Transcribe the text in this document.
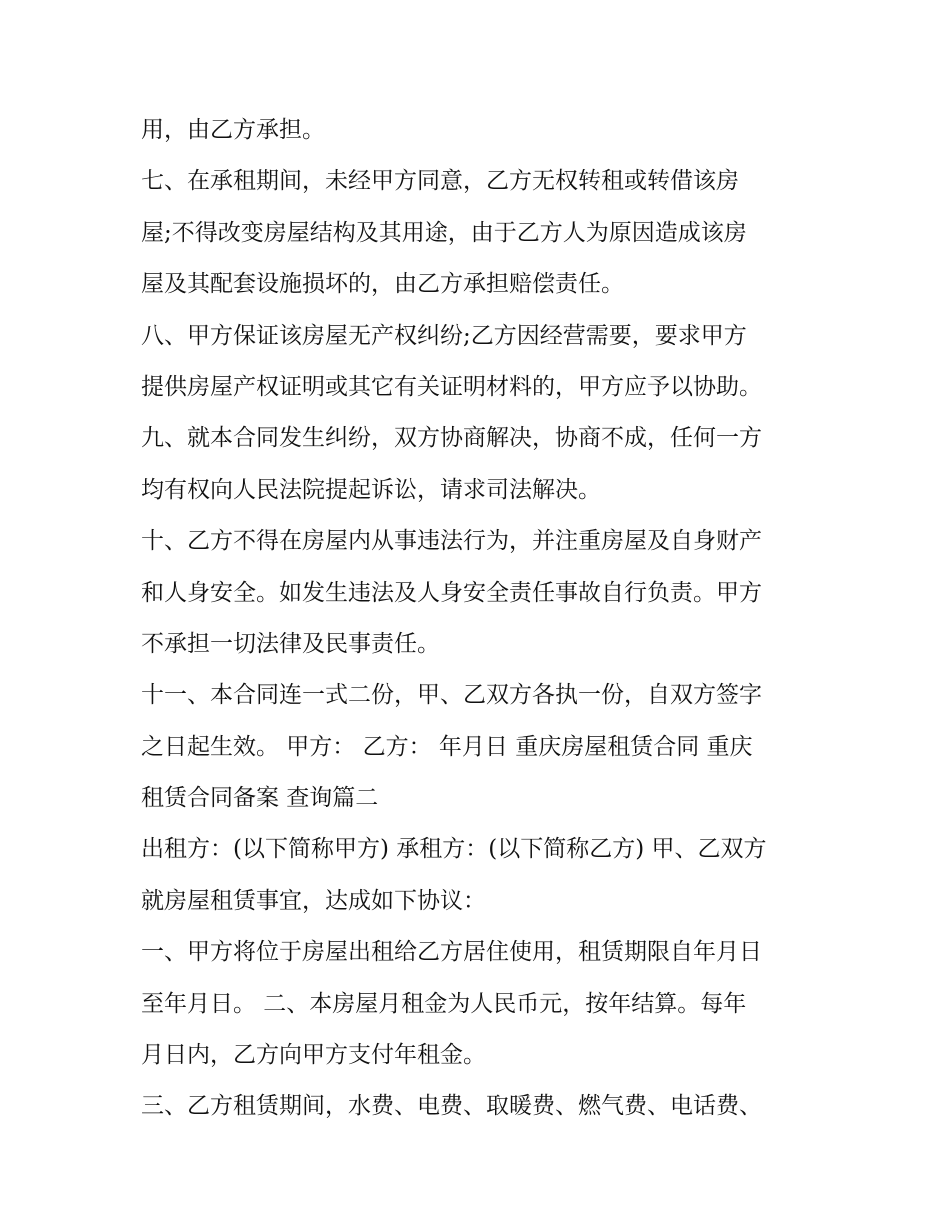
用，由乙方承担。
七、在承租期间，未经甲方同意，乙方无权转租或转借该房
屋;不得改变房屋结构及其用途，由于乙方人为原因造成该房
屋及其配套设施损坏的，由乙方承担赔偿责任。
八、甲方保证该房屋无产权纠纷;乙方因经营需要，要求甲方
提供房屋产权证明或其它有关证明材料的，甲方应予以协助。
九、就本合同发生纠纷，双方协商解决，协商不成，任何一方
均有权向人民法院提起诉讼，请求司法解决。
十、乙方不得在房屋内从事违法行为，并注重房屋及自身财产
和人身安全。如发生违法及人身安全责任事故自行负责。甲方
不承担一切法律及民事责任。
十一、本合同连一式二份，甲、乙双方各执一份，自双方签字
之日起生效。 甲方： 乙方： 年月日 重庆房屋租赁合同 重庆
租赁合同备案 查询篇二
出租方：(以下简称甲方) 承租方：(以下简称乙方) 甲、乙双方
就房屋租赁事宜，达成如下协议：
一、甲方将位于房屋出租给乙方居住使用，租赁期限自年月日
至年月日。 二、本房屋月租金为人民币元，按年结算。每年
月日内，乙方向甲方支付年租金。
三、乙方租赁期间，水费、电费、取暖费、燃气费、电话费、
